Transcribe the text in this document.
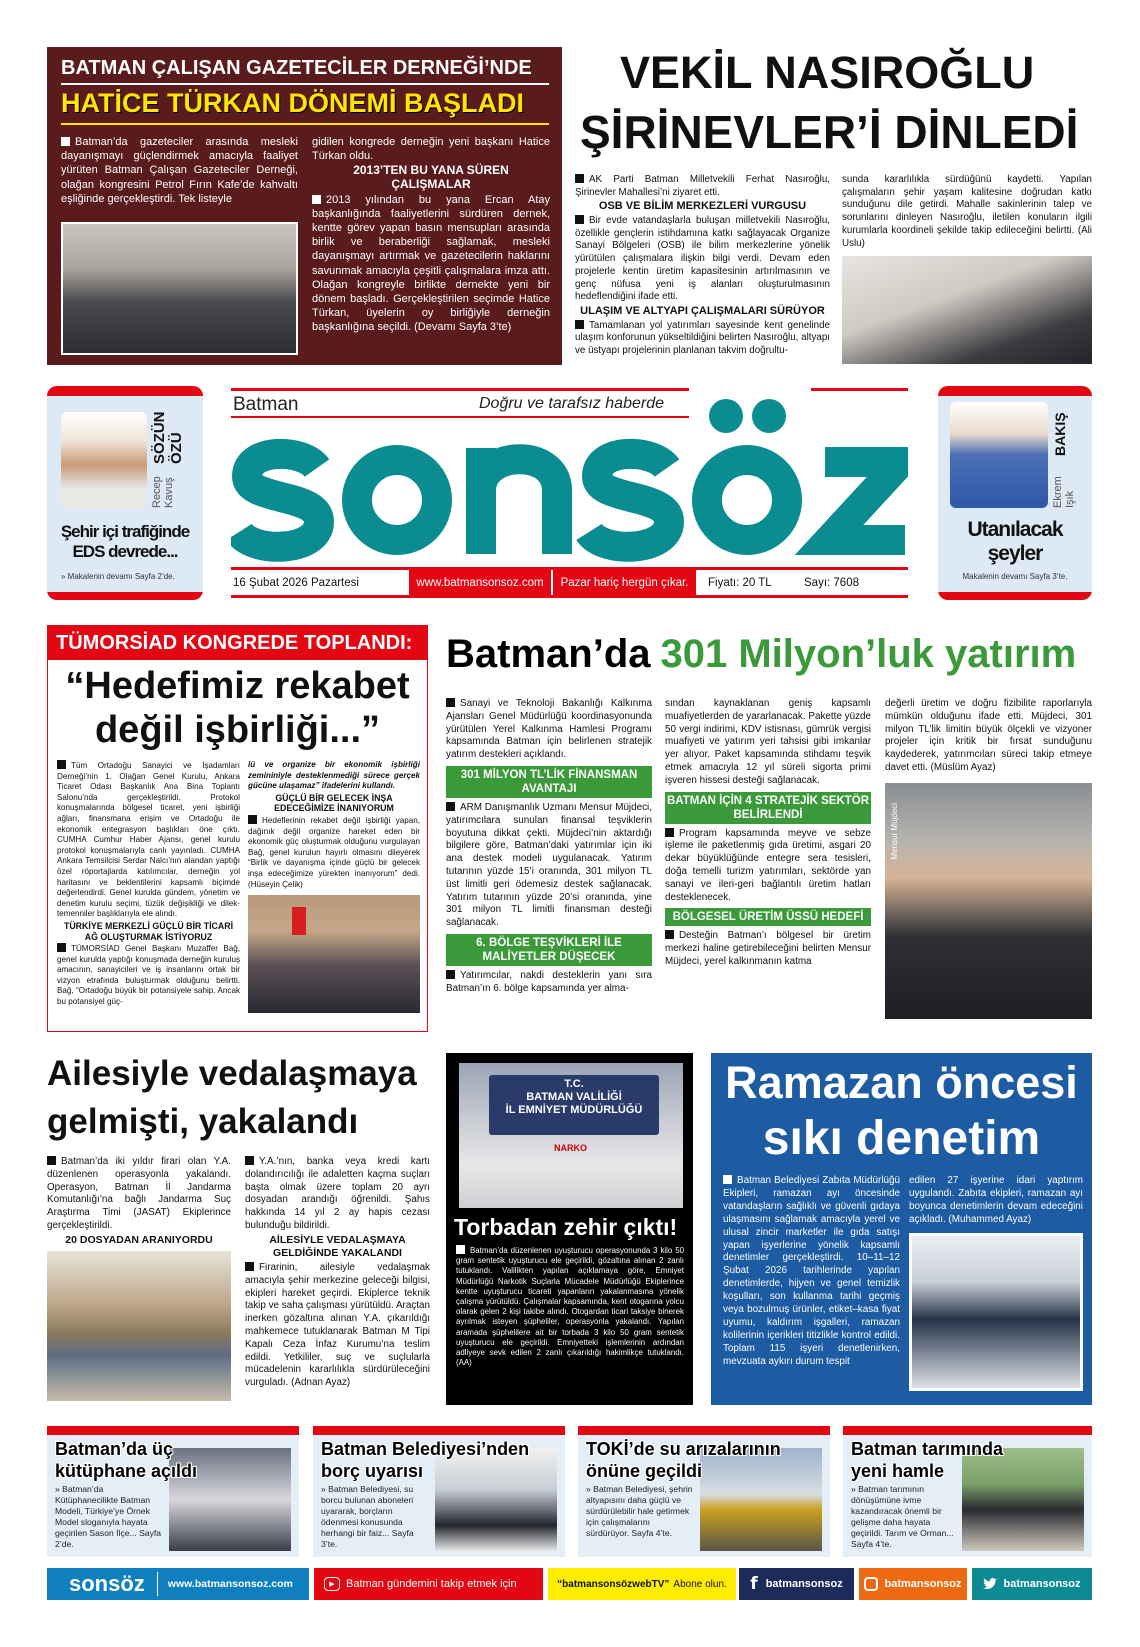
BATMAN ÇALIŞAN GAZETECİLER DERNEĞİ’NDE
HATİCE TÜRKAN DÖNEMİ BAŞLADI

Batman’da gazeteciler arasında mesleki dayanışmayı güçlendirmek amacıyla faaliyet yürüten Batman Çalışan Gazeteciler Derneği, olağan kongresini Petrol Fırın Kafe’de kahvaltı eşliğinde gerçekleştirdi. Tek listeyle

gidilen kongrede derneğin yeni başkanı Hatice Türkan oldu.

2013’TEN BU YANA SÜREN ÇALIŞMALAR

2013 yılından bu yana Ercan Atay başkanlığında faaliyetlerini sürdüren dernek, kentte görev yapan basın mensupları arasında birlik ve beraberliği sağlamak, mesleki dayanışmayı artırmak ve gazetecilerin haklarını savunmak amacıyla çeşitli çalışmalara imza attı. Olağan kongreyle birlikte dernekte yeni bir dönem başladı. Gerçekleştirilen seçimde Hatice Türkan, üyelerin oy birliğiyle derneğin başkanlığına seçildi. (Devamı Sayfa 3’te)

VEKİL NASIROĞLU
ŞİRİNEVLER’İ DİNLEDİ

AK Parti Batman Milletvekili Ferhat Nasıroğlu, Şirinevler Mahallesi’ni ziyaret etti.

OSB VE BİLİM MERKEZLERİ VURGUSU

Bir evde vatandaşlarla buluşan milletvekili Nasıroğlu, özellikle gençlerin istihdamına katkı sağlayacak Organize Sanayi Bölgeleri (OSB) ile bilim merkezlerine yönelik yürütülen çalışmalara ilişkin bilgi verdi. Devam eden projelerle kentin üretim kapasitesinin artırılmasının ve genç nüfusa yeni iş alanları oluşturulmasının hedeflendiğini ifade etti.

ULAŞIM VE ALTYAPI ÇALIŞMALARI SÜRÜYOR

Tamamlanan yol yatırımları sayesinde kent genelinde ulaşım konforunun yükseltildiğini belirten Nasıroğlu, altyapı ve üstyapı projelerinin planlanan takvim doğrultu-

sunda kararlılıkla sürdüğünü kaydetti. Yapılan çalışmaların şehir yaşam kalitesine doğrudan katkı sunduğunu dile getirdi. Mahalle sakinlerinin talep ve sorunlarını dinleyen Nasıroğlu, iletilen konuların ilgili kurumlarla koordineli şekilde takip edileceğini belirtti. (Ali Uslu)

Recep Kavuş
SÖZÜN ÖZÜ
Şehir içi trafiğinde
EDS devrede...
» Makalenin devamı Sayfa 2’de.
Batman	Doğru ve tarafsız haberde
16 Şubat 2026 Pazartesi	www.batmansonsoz.com	Pazar hariç hergün çıkar.	Fiyatı: 20 TL	Sayı: 7608
Ekrem Işık
BAKIŞ
Utanılacak
şeyler
Makalenin devamı Sayfa 3’te.
TÜMORSİAD KONGREDE TOPLANDI:
“Hedefimiz rekabet
değil işbirliği...”

Tüm Ortadoğu Sanayici ve İşadamları Derneği’nin 1. Olağan Genel Kurulu, Ankara Ticaret Odası Başkanlık Ana Bina Toplantı Salonu’nda gerçekleştirildi. Protokol konuşmalarında bölgesel ticaret, yeni işbirliği ağları, finansmana erişim ve Ortadoğu ile ekonomik entegrasyon başlıkları öne çıktı. CUMHA Cumhur Haber Ajansı, genel kurulu protokol konuşmalarıyla canlı yayınladı. CUMHA Ankara Temsilcisi Serdar Nalcı’nın alandan yaptığı özel röportajlarda katılımcılar, derneğin yol haritasını ve beklentilerini kapsamlı biçimde değerlendirdi. Genel kurulda gündem, yönetim ve denetim kurulu seçimi, tüzük değişikliği ve dilek-temenniler başlıklarıyla ele alındı.

TÜRKİYE MERKEZLİ GÜÇLÜ BİR TİCARİ AĞ OLUŞTURMAK İSTİYORUZ

TÜMORSİAD Genel Başkanı Muzaffer Bağ, genel kurulda yaptığı konuşmada derneğin kuruluş amacının, sanayicileri ve iş insanlarını ortak bir vizyon etrafında buluşturmak olduğunu belirtti. Bağ, “Ortadoğu büyük bir potansiyele sahip. Ancak bu potansiyel güç-

lü ve organize bir ekonomik işbirliği zemininiyle desteklenmediği sürece gerçek gücüne ulaşamaz” ifadelerini kullandı.

GÜÇLÜ BİR GELECEK İNŞA EDECEĞİMİZE İNANIYORUM

Hedeflerinin rekabet değil işbirliği yapan, dağınık değil organize hareket eden bir ekonomik güç oluşturmak olduğunu vurgulayan Bağ, genel kurulun hayırlı olmasını dileyerek “Birlik ve dayanışma içinde güçlü bir gelecek inşa edeceğimize yürekten inanıyorum” dedi. (Hüseyin Çelik)

Batman’da 301 Milyon’luk yatırım

Sanayi ve Teknoloji Bakanlığı Kalkınma Ajansları Genel Müdürlüğü koordinasyonunda yürütülen Yerel Kalkınma Hamlesi Programı kapsamında Batman için belirlenen stratejik yatırım destekleri açıklandı.

301 MİLYON TL’LİK FİNANSMAN AVANTAJI

ARM Danışmanlık Uzmanı Mensur Müjdeci, yatırımcılara sunulan finansal teşviklerin boyutuna dikkat çekti. Müjdeci’nin aktardığı bilgilere göre, Batman’daki yatırımlar için iki ana destek modeli uygulanacak. Yatırım tutarının yüzde 15’i oranında, 301 milyon TL üst limitli geri ödemesiz destek sağlanacak. Yatırım tutarının yüzde 20’si oranında, yine 301 milyon TL limitli finansman desteği sağlanacak.

6. BÖLGE TEŞVİKLERİ İLE MALİYETLER DÜŞECEK

Yatırımcılar, nakdi desteklerin yanı sıra Batman’ın 6. bölge kapsamında yer alma-

sından kaynaklanan geniş kapsamlı muafiyetlerden de yararlanacak. Pakette yüzde 50 vergi indirimi, KDV istisnası, gümrük vergisi muafiyeti ve yatırım yeri tahsisi gibi imkanlar yer alıyor. Paket kapsamında stihdamı teşvik etmek amacıyla 12 yıl süreli sigorta primi işveren hissesi desteği sağlanacak.

BATMAN İÇİN 4 STRATEJİK SEKTÖR BELİRLENDİ

Program kapsamında meyve ve sebze işleme ile paketlenmiş gıda üretimi, asgari 20 dekar büyüklüğünde entegre sera tesisleri, doğa temelli turizm yatırımları, sektörde yan sanayi ve ileri-geri bağlantılı üretim hatları desteklenecek.

BÖLGESEL ÜRETİM ÜSSÜ HEDEFİ

Desteğin Batman’ı bölgesel bir üretim merkezi haline getirebileceğini belirten Mensur Müjdeci, yerel kalkınmanın katma

değerli üretim ve doğru fizibilite raporlarıyla mümkün olduğunu ifade etti. Müjdeci, 301 milyon TL’lik limitin büyük ölçekli ve vizyoner projeler için kritik bir fırsat sunduğunu kaydederek, yatırımcıları süreci takip etmeye davet etti. (Müslüm Ayaz)

Mensur Müjdeci
Ailesiyle vedalaşmaya
gelmişti, yakalandı

Batman’da iki yıldır firari olan Y.A. düzenlenen operasyonla yakalandı. Operasyon, Batman İl Jandarma Komutanlığı’na bağlı Jandarma Suç Araştırma Timi (JASAT) Ekiplerince gerçekleştirildi.

20 DOSYADAN ARANIYORDU

Y.A.’nın, banka veya kredi kartı dolandırıcılığı ile adaletten kaçma suçları başta olmak üzere toplam 20 ayrı dosyadan arandığı öğrenildi. Şahıs hakkında 14 yıl 2 ay hapis cezası bulunduğu bildirildi.

AİLESİYLE VEDALAŞMAYA GELDİĞİNDE YAKALANDI

Firarinin, ailesiyle vedalaşmak amacıyla şehir merkezine geleceği bilgisi, ekipleri hareket geçirdi. Ekiplerce teknik takip ve saha çalışması yürütüldü. Araçtan inerken gözaltına alınan Y.A. çıkarıldığı mahkemece tutuklanarak Batman M Tipi Kapalı Ceza İnfaz Kurumu’na teslim edildi. Yetkililer, suç ve suçlularla mücadelenin kararlılıkla sürdürüleceğini vurguladı. (Adnan Ayaz)

T.C.
BATMAN VALİLİĞİ
İL EMNİYET MÜDÜRLÜĞÜ
NARKO
Torbadan zehir çıktı!

Batman’da düzenlenen uyuşturucu operasyonunda 3 kilo 50 gram sentetik uyuşturucu ele geçirildi, gözaltına alınan 2 zanlı tutuklandı. Valilikten yapılan açıklamaya göre, Emniyet Müdürlüğü Narkotik Suçlarla Mücadele Müdürlüğü Ekiplerince kentte uyuşturucu ticareti yapanların yakalanmasına yönelik çalışma yürütüldü. Çalışmalar kapsamında, kent otogarına yolcu olarak gelen 2 kişi takibe alındı. Otogardan ticari taksiye binerek ayrılmak isteyen şüpheliler, operasyonla yakalandı. Yapılan aramada şüphelilere ait bir torbada 3 kilo 50 gram sentetik uyuşturucu ele geçirildi. Emniyetteki işlemlerinin ardından adliyeye sevk edilen 2 zanlı çıkarıldığı hakimlikçe tutuklandı. (AA)

Ramazan öncesi
sıkı denetim

Batman Belediyesi Zabıta Müdürlüğü Ekipleri, ramazan ayı öncesinde vatandaşların sağlıklı ve güvenli gıdaya ulaşmasını sağlamak amacıyla yerel ve ulusal zincir marketler ile gıda satışı yapan işyerlerine yönelik kapsamlı denetimler gerçekleştirdi. 10–11–12 Şubat 2026 tarihlerinde yapılan denetimlerde, hijyen ve genel temizlik koşulları, son kullanma tarihi geçmiş veya bozulmuş ürünler, etiket–kasa fiyat uyumu, kaldırım işgalleri, ramazan kolilerinin içerikleri titizlikle kontrol edildi. Toplam 115 işyeri denetlenirken, mevzuata aykırı durum tespit

edilen 27 işyerine idari yaptırım uygulandı. Zabıta ekipleri, ramazan ayı boyunca denetimlerin devam edeceğini açıkladı. (Muhammed Ayaz)

Batman’da üç
kütüphane açıldı
» Batman’da Kütüphanecilikte Batman Modeli, Türkiye’ye Örnek Model sloganıyla hayata geçirilen Sason İlçe... Sayfa 2’de.
Batman Belediyesi’nden
borç uyarısı
» Batman Belediyesi, su borcu bulunan aboneleri uyararak, borçların ödenmesi konusunda herhangi bir faiz... Sayfa 3’te.
TOKİ’de su arızalarının
önüne geçildi
» Batman Belediyesi, şehrin altyapısını daha güçlü ve sürdürülebilir hale getirmek için çalışmalarını sürdürüyor. Sayfa 4’te.
Batman tarımında
yeni hamle
» Batman tarımının dönüşümüne ivme kazandıracak önemli bir gelişme daha hayata geçirildi. Tarım ve Orman... Sayfa 4’te.
sonsöz	www.batmansonsoz.com	▶	Batman gündemini takip etmek için	“batmansonsözwebTV” Abone olun. f batmansonsoz	batmansonsoz	batmansonsoz
